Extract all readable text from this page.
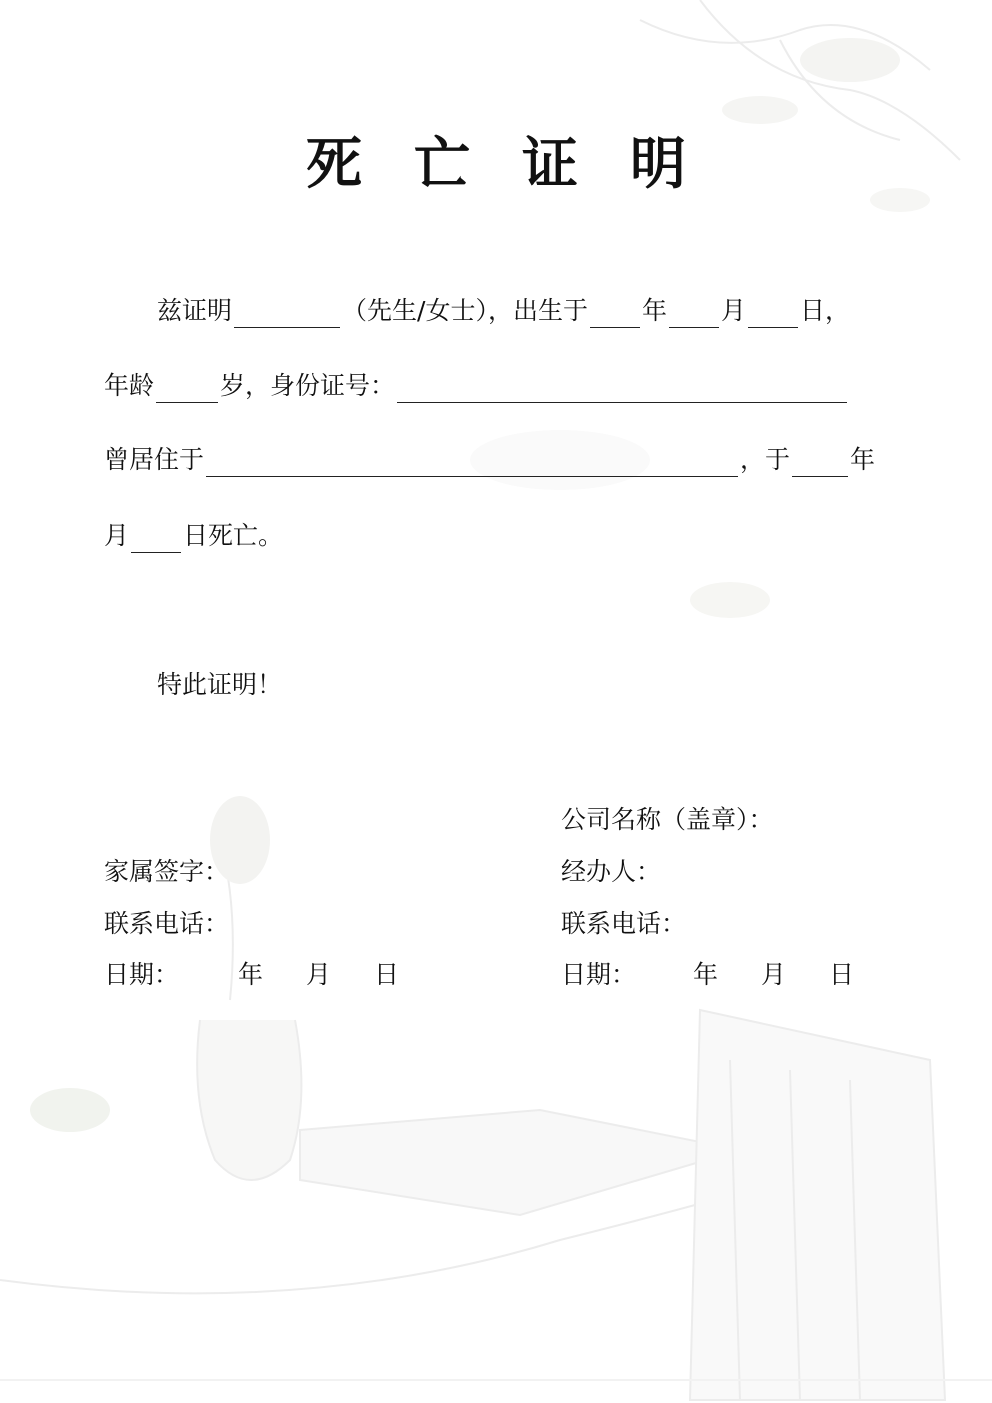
死亡证明
兹证明	（先生/女士），出生于 年 月 日，
年龄	岁，身份证号：
曾居住于	，于 年
月 日死亡。
特此证明！
公司名称（盖章）：
家属签字：	经办人：
联系电话：	联系电话：
日期： 年 月 日	日期： 年 月 日
